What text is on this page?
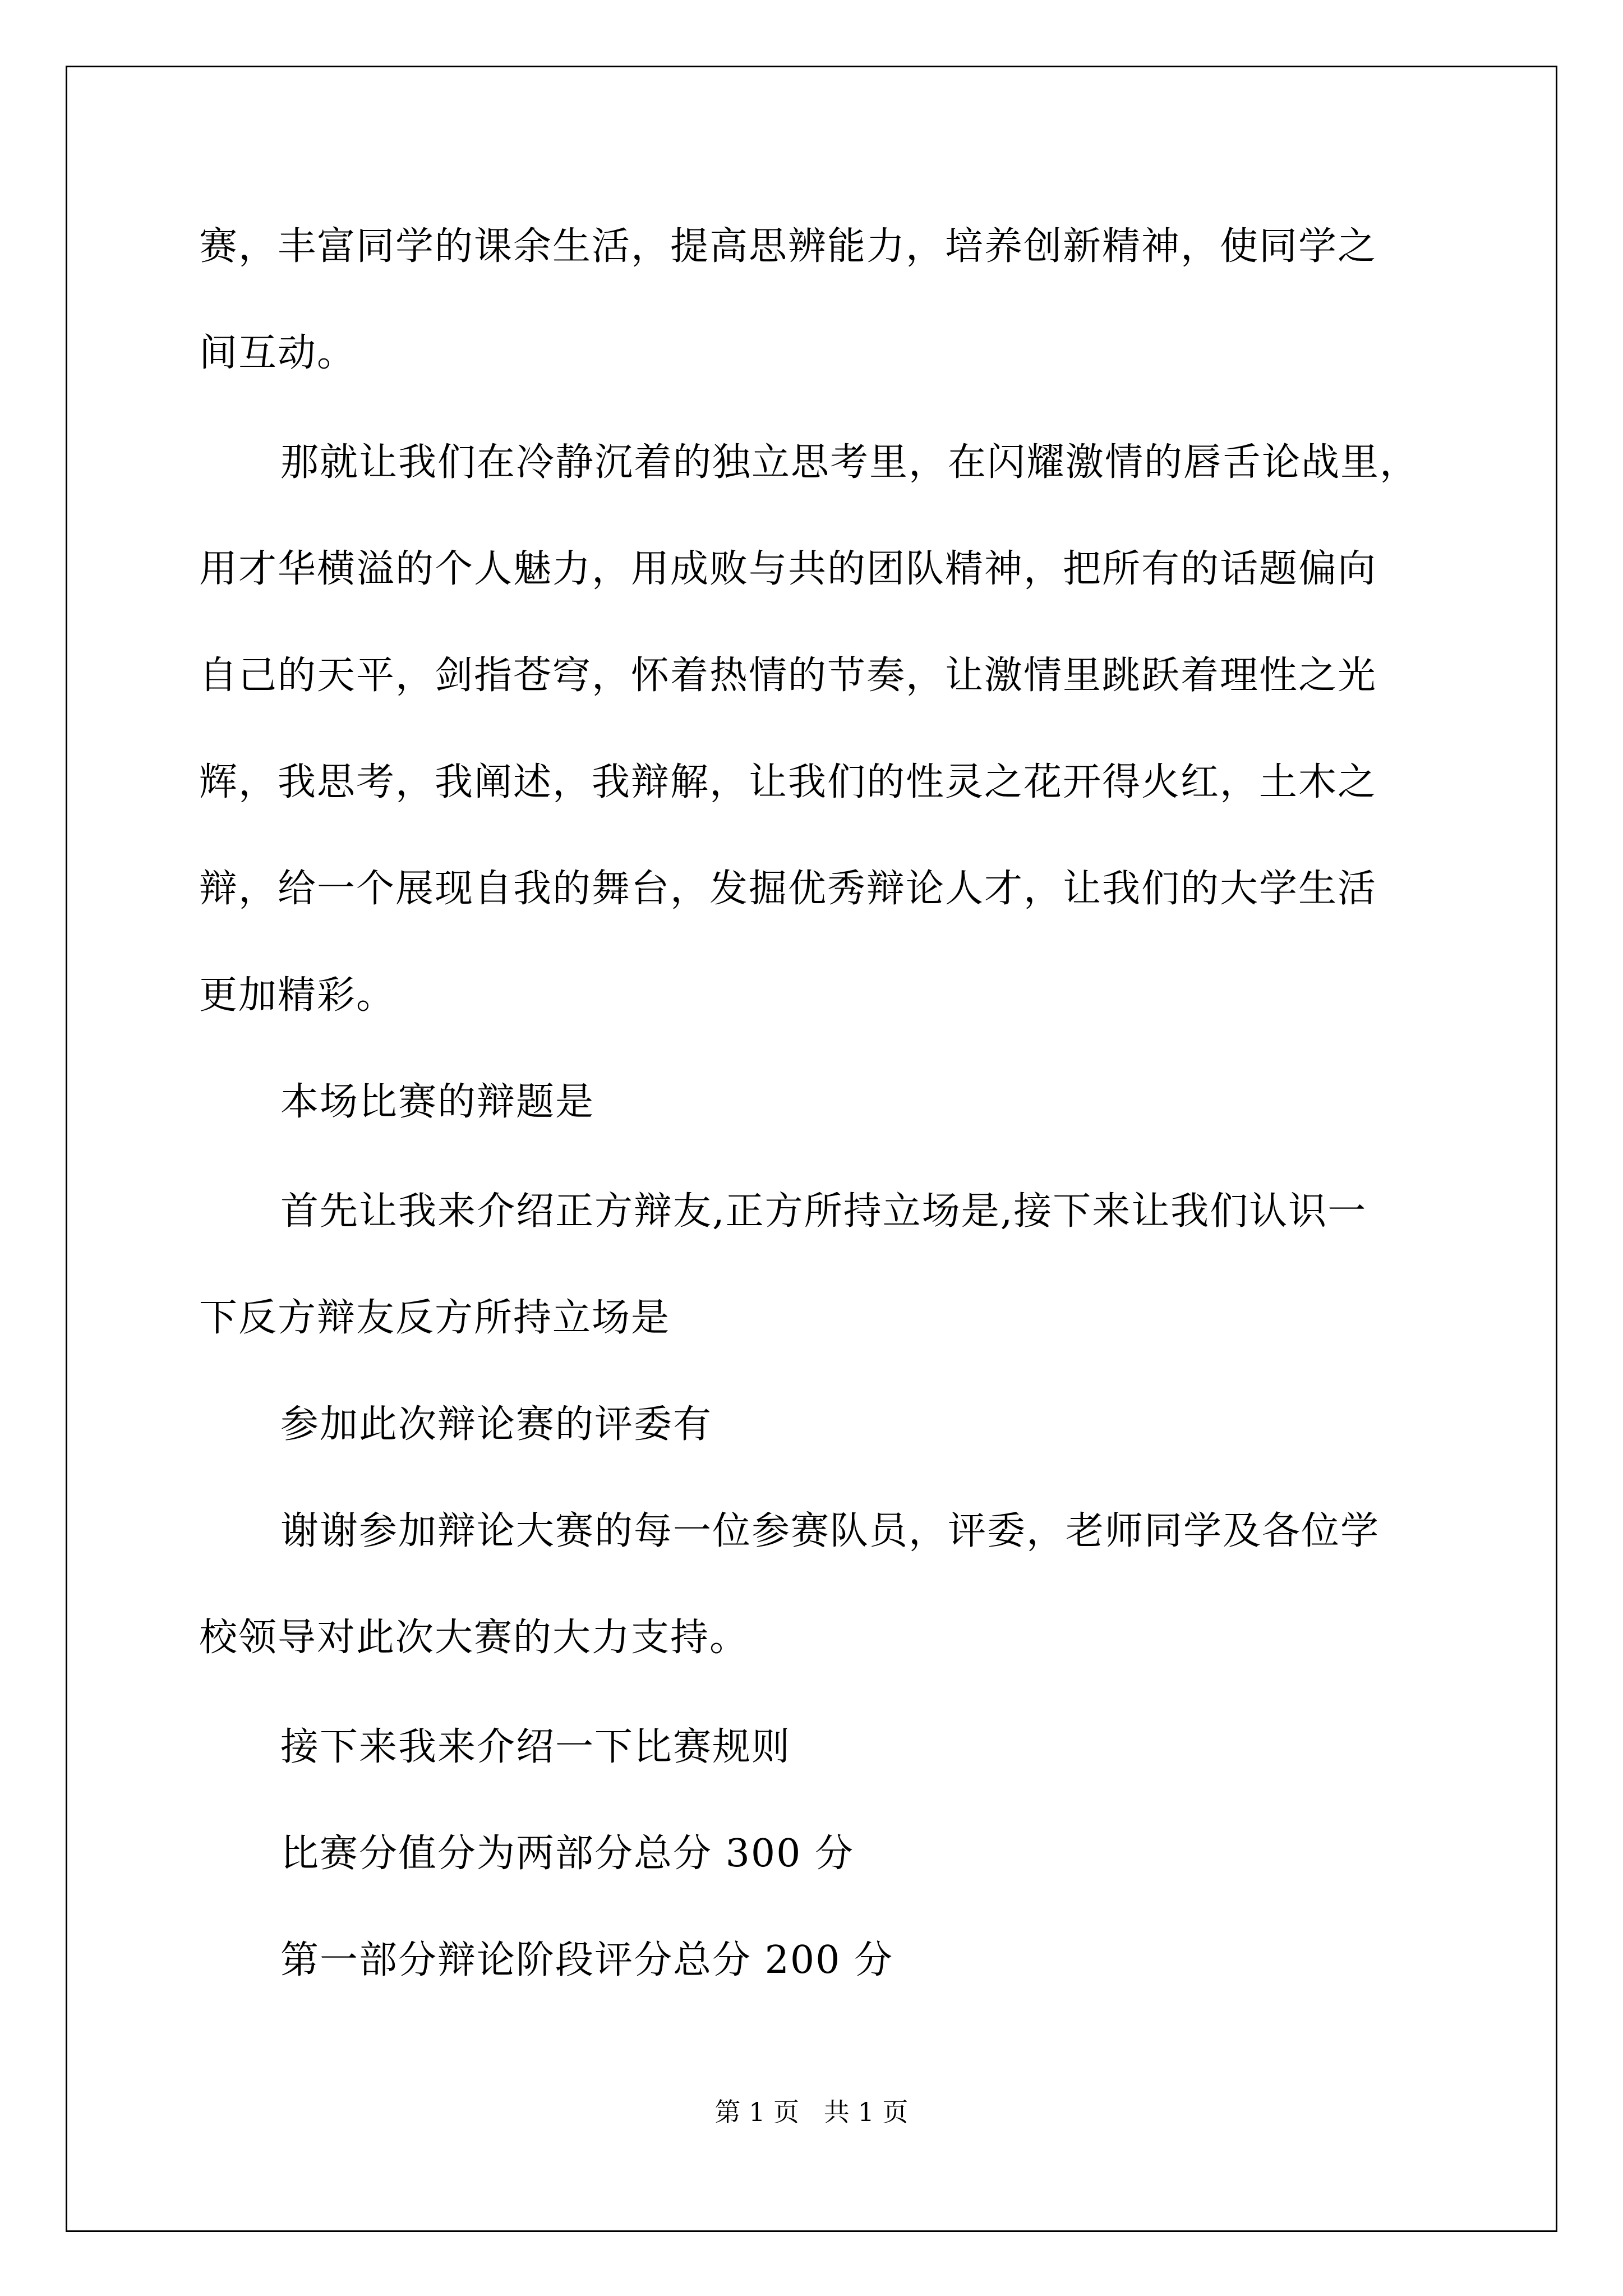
赛，丰富同学的课余生活，提高思辨能力，培养创新精神，使同学之
间互动。
那就让我们在冷静沉着的独立思考里，在闪耀激情的唇舌论战里，
用才华横溢的个人魅力，用成败与共的团队精神，把所有的话题偏向
自己的天平，剑指苍穹，怀着热情的节奏，让激情里跳跃着理性之光
辉，我思考，我阐述，我辩解，让我们的性灵之花开得火红，土木之
辩，给一个展现自我的舞台，发掘优秀辩论人才，让我们的大学生活
更加精彩。
本场比赛的辩题是
首先让我来介绍正方辩友,正方所持立场是,接下来让我们认识一
下反方辩友反方所持立场是
参加此次辩论赛的评委有
谢谢参加辩论大赛的每一位参赛队员，评委，老师同学及各位学
校领导对此次大赛的大力支持。
接下来我来介绍一下比赛规则
比赛分值分为两部分总分 300 分
第一部分辩论阶段评分总分 200 分
第 1 页   共 1 页
